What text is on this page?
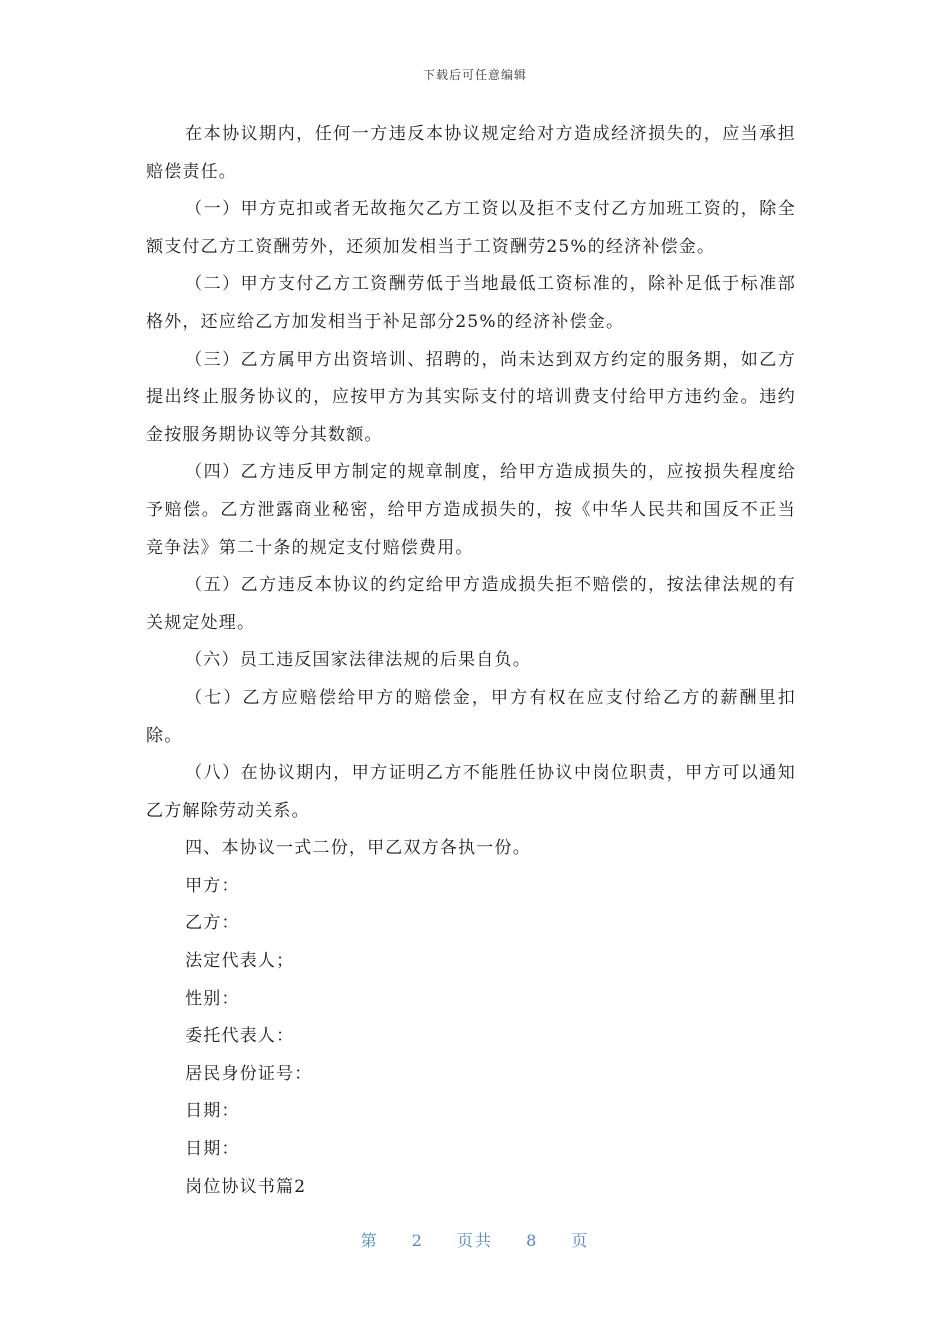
下载后可任意编辑

在本协议期内，任何一方违反本协议规定给对方造成经济损失的，应当承担赔偿责任。

（一）甲方克扣或者无故拖欠乙方工资以及拒不支付乙方加班工资的，除全额支付乙方工资酬劳外，还须加发相当于工资酬劳25%的经济补偿金。

（二）甲方支付乙方工资酬劳低于当地最低工资标准的，除补足低于标准部格外，还应给乙方加发相当于补足部分25%的经济补偿金。

（三）乙方属甲方出资培训、招聘的，尚未达到双方约定的服务期，如乙方提出终止服务协议的，应按甲方为其实际支付的培训费支付给甲方违约金。违约金按服务期协议等分其数额。

（四）乙方违反甲方制定的规章制度，给甲方造成损失的，应按损失程度给予赔偿。乙方泄露商业秘密，给甲方造成损失的，按《中华人民共和国反不正当竞争法》第二十条的规定支付赔偿费用。

（五）乙方违反本协议的约定给甲方造成损失拒不赔偿的，按法律法规的有关规定处理。

（六）员工违反国家法律法规的后果自负。

（七）乙方应赔偿给甲方的赔偿金，甲方有权在应支付给乙方的薪酬里扣除。

（八）在协议期内，甲方证明乙方不能胜任协议中岗位职责，甲方可以通知乙方解除劳动关系。

四、本协议一式二份，甲乙双方各执一份。

甲方：

乙方：

法定代表人；

性别：

委托代表人：

居民身份证号：

日期：

日期：

岗位协议书篇2

第 2 页共 8 页
